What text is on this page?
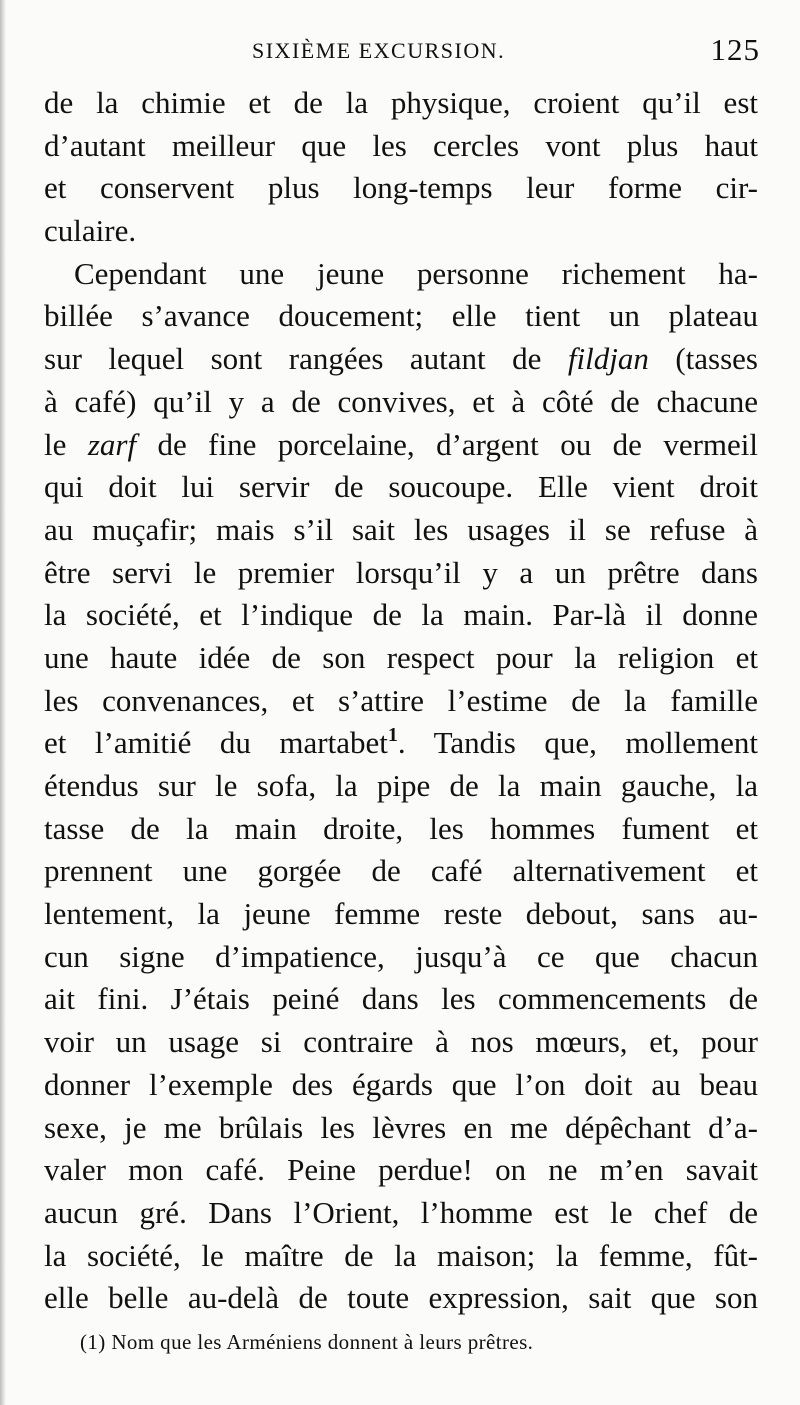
SIXIÈME EXCURSION.	125
de la chimie et de la physique, croient qu’il est
d’autant meilleur que les cercles vont plus haut
et conservent plus long-temps leur forme cir-
culaire.
Cependant une jeune personne richement ha-
billée s’avance doucement; elle tient un plateau
sur lequel sont rangées autant de fildjan (tasses
à café) qu’il y a de convives, et à côté de chacune
le zarf de fine porcelaine, d’argent ou de vermeil
qui doit lui servir de soucoupe. Elle vient droit
au muçafir; mais s’il sait les usages il se refuse à
être servi le premier lorsqu’il y a un prêtre dans
la société, et l’indique de la main. Par-là il donne
une haute idée de son respect pour la religion et
les convenances, et s’attire l’estime de la famille
et l’amitié du martabet$^1$. Tandis que, mollement
étendus sur le sofa, la pipe de la main gauche, la
tasse de la main droite, les hommes fument et
prennent une gorgée de café alternativement et
lentement, la jeune femme reste debout, sans au-
cun signe d’impatience, jusqu’à ce que chacun
ait fini. J’étais peiné dans les commencements de
voir un usage si contraire à nos mœurs, et, pour
donner l’exemple des égards que l’on doit au beau
sexe, je me brûlais les lèvres en me dépêchant d’a-
valer mon café. Peine perdue! on ne m’en savait
aucun gré. Dans l’Orient, l’homme est le chef de
la société, le maître de la maison; la femme, fût-
elle belle au-delà de toute expression, sait que son
(1) Nom que les Arméniens donnent à leurs prêtres.
